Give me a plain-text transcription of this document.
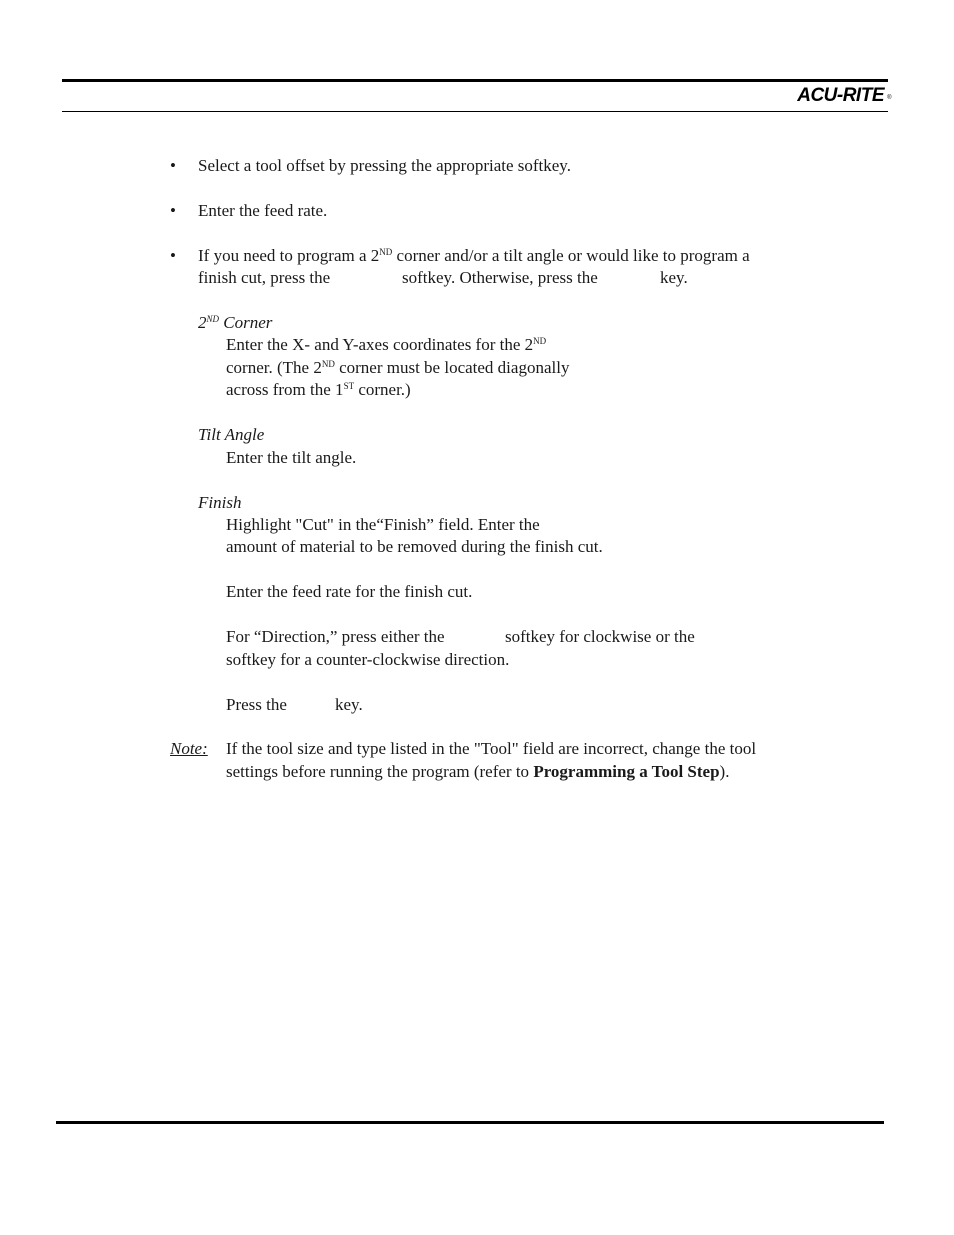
ACU-RITE ®
• Select a tool offset by pressing the appropriate softkey.
• Enter the feed rate.
• If you need to program a 2ND corner and/or a tilt angle or would like to program a
finish cut, press the	softkey. Otherwise, press the	key.
2ND Corner
Enter the X- and Y-axes coordinates for the 2ND
corner. (The 2ND corner must be located diagonally
across from the 1ST corner.)
Tilt Angle
Enter the tilt angle.
Finish
Highlight "Cut" in the“Finish” field. Enter the
amount of material to be removed during the finish cut.
Enter the feed rate for the finish cut.
For “Direction,” press either the	softkey for clockwise or the
softkey for a counter-clockwise direction.
Press the	key.
Note: If the tool size and type listed in the "Tool" field are incorrect, change the tool
settings before running the program (refer to Programming a Tool Step).
